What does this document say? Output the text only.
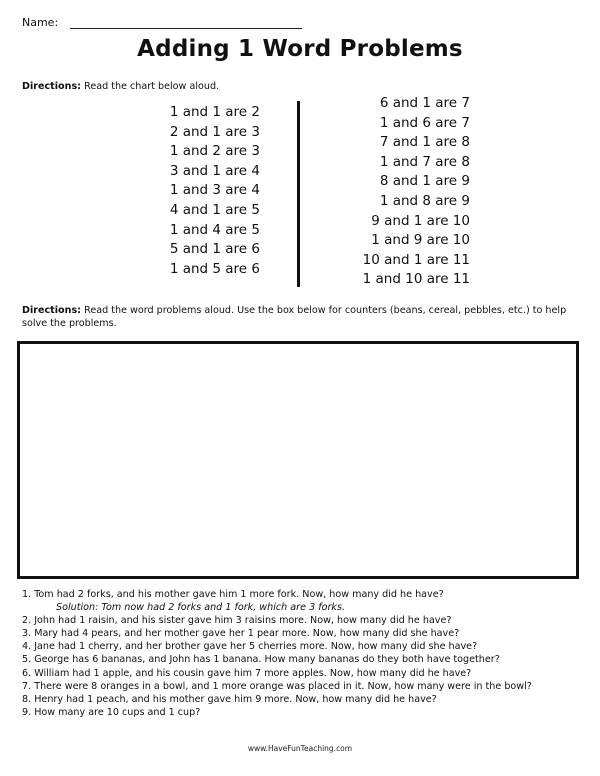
Name:
Adding 1 Word Problems
Directions: Read the chart below aloud.
1 and 1 are 2
2 and 1 are 3
1 and 2 are 3
3 and 1 are 4
1 and 3 are 4
4 and 1 are 5
1 and 4 are 5
5 and 1 are 6
1 and 5 are 6
6 and 1 are 7
1 and 6 are 7
7 and 1 are 8
1 and 7 are 8
8 and 1 are 9
1 and 8 are 9
9 and 1 are 10
1 and 9 are 10
10 and 1 are 11
1 and 10 are 11
Directions: Read the word problems aloud. Use the box below for counters (beans, cereal, pebbles, etc.) to help solve the problems.
1. Tom had 2 forks, and his mother gave him 1 more fork. Now, how many did he have?
Solution: Tom now had 2 forks and 1 fork, which are 3 forks.
2. John had 1 raisin, and his sister gave him 3 raisins more. Now, how many did he have?
3. Mary had 4 pears, and her mother gave her 1 pear more. Now, how many did she have?
4. Jane had 1 cherry, and her brother gave her 5 cherries more. Now, how many did she have?
5. George has 6 bananas, and John has 1 banana. How many bananas do they both have together?
6. William had 1 apple, and his cousin gave him 7 more apples. Now, how many did he have?
7. There were 8 oranges in a bowl, and 1 more orange was placed in it. Now, how many were in the bowl?
8. Henry had 1 peach, and his mother gave him 9 more. Now, how many did he have?
9. How many are 10 cups and 1 cup?
www.HaveFunTeaching.com
